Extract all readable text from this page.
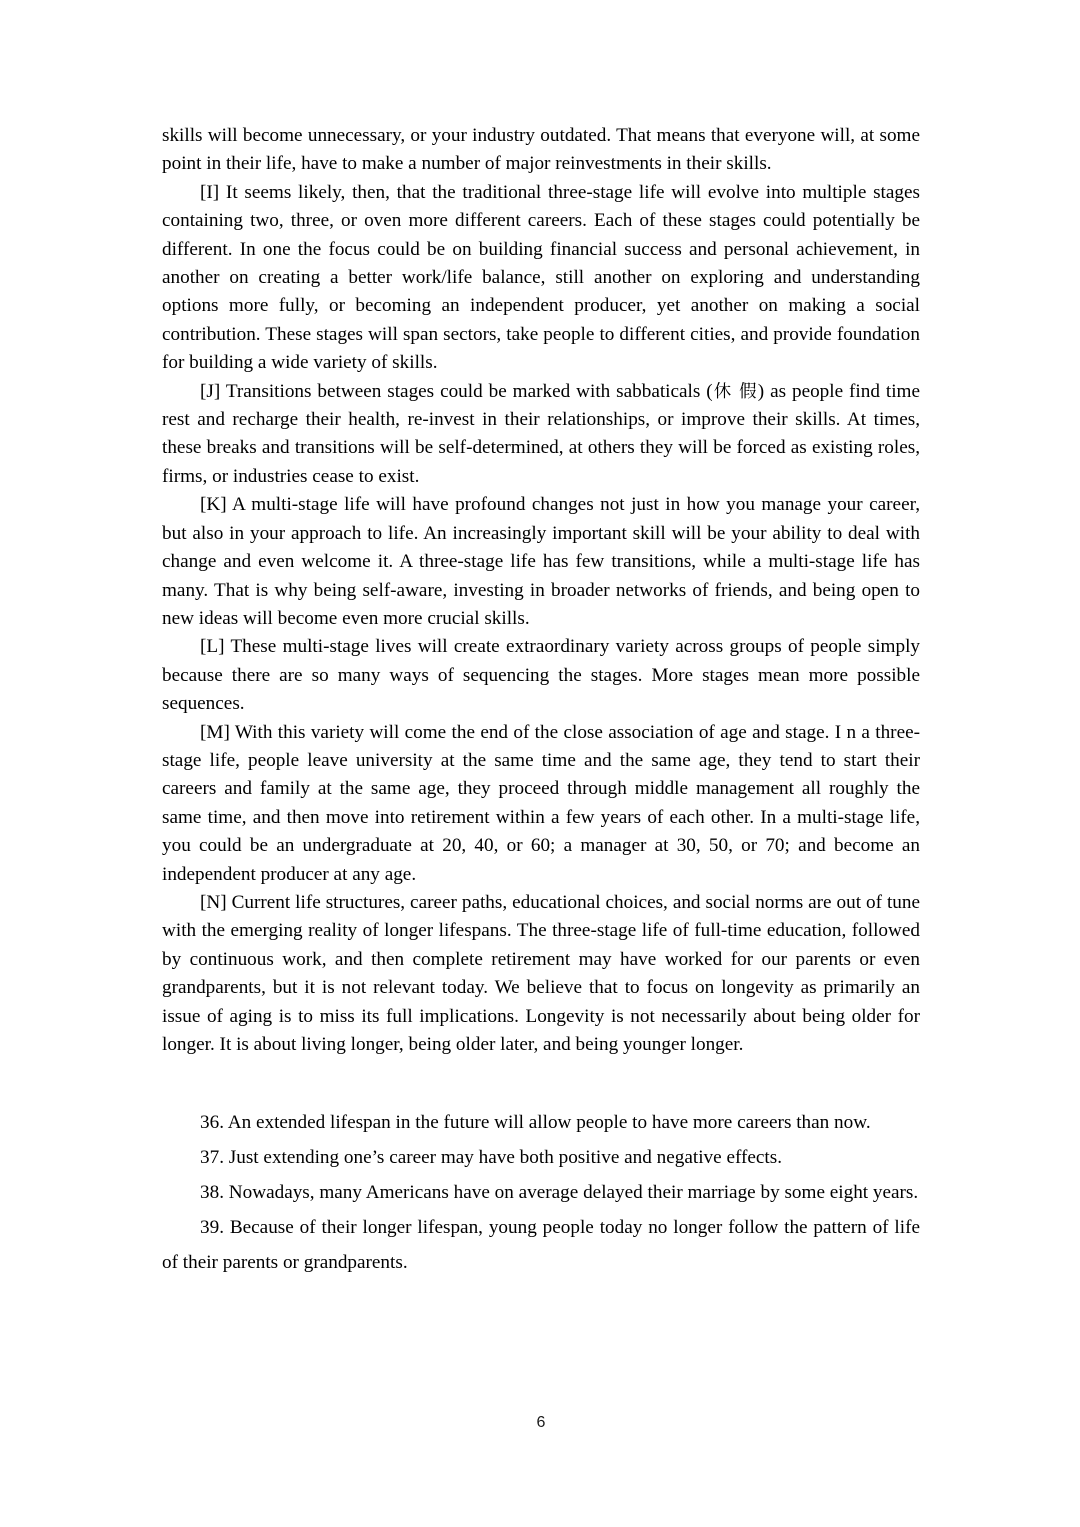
skills will become unnecessary, or your industry outdated. That means that everyone will, at some point in their life, have to make a number of major reinvestments in their skills.

[I] It seems likely, then, that the traditional three-stage life will evolve into multiple stages containing two, three, or oven more different careers. Each of these stages could potentially be different. In one the focus could be on building financial success and personal achievement, in another on creating a better work/life balance, still another on exploring and understanding options more fully, or becoming an independent producer, yet another on making a social contribution. These stages will span sectors, take people to different cities, and provide foundation for building a wide variety of skills.

[J] Transitions between stages could be marked with sabbaticals (休 假) as people find time rest and recharge their health, re-invest in their relationships, or improve their skills. At times, these breaks and transitions will be self-determined, at others they will be forced as existing roles, firms, or industries cease to exist.

[K] A multi-stage life will have profound changes not just in how you manage your career, but also in your approach to life. An increasingly important skill will be your ability to deal with change and even welcome it. A three-stage life has few transitions, while a multi-stage life has many. That is why being self-aware, investing in broader networks of friends, and being open to new ideas will become even more crucial skills.

[L] These multi-stage lives will create extraordinary variety across groups of people simply because there are so many ways of sequencing the stages. More stages mean more possible sequences.

[M] With this variety will come the end of the close association of age and stage. I n a three-stage life, people leave university at the same time and the same age, they tend to start their careers and family at the same age, they proceed through middle management all roughly the same time, and then move into retirement within a few years of each other. In a multi-stage life, you could be an undergraduate at 20, 40, or 60; a manager at 30, 50, or 70; and become an independent producer at any age.

[N] Current life structures, career paths, educational choices, and social norms are out of tune with the emerging reality of longer lifespans. The three-stage life of full-time education, followed by continuous work, and then complete retirement may have worked for our parents or even grandparents, but it is not relevant today. We believe that to focus on longevity as primarily an issue of aging is to miss its full implications. Longevity is not necessarily about being older for longer. It is about living longer, being older later, and being younger longer.

36. An extended lifespan in the future will allow people to have more careers than now.

37. Just extending one’s career may have both positive and negative effects.

38. Nowadays, many Americans have on average delayed their marriage by some eight years.

39. Because of their longer lifespan, young people today no longer follow the pattern of life of their parents or grandparents.

6
